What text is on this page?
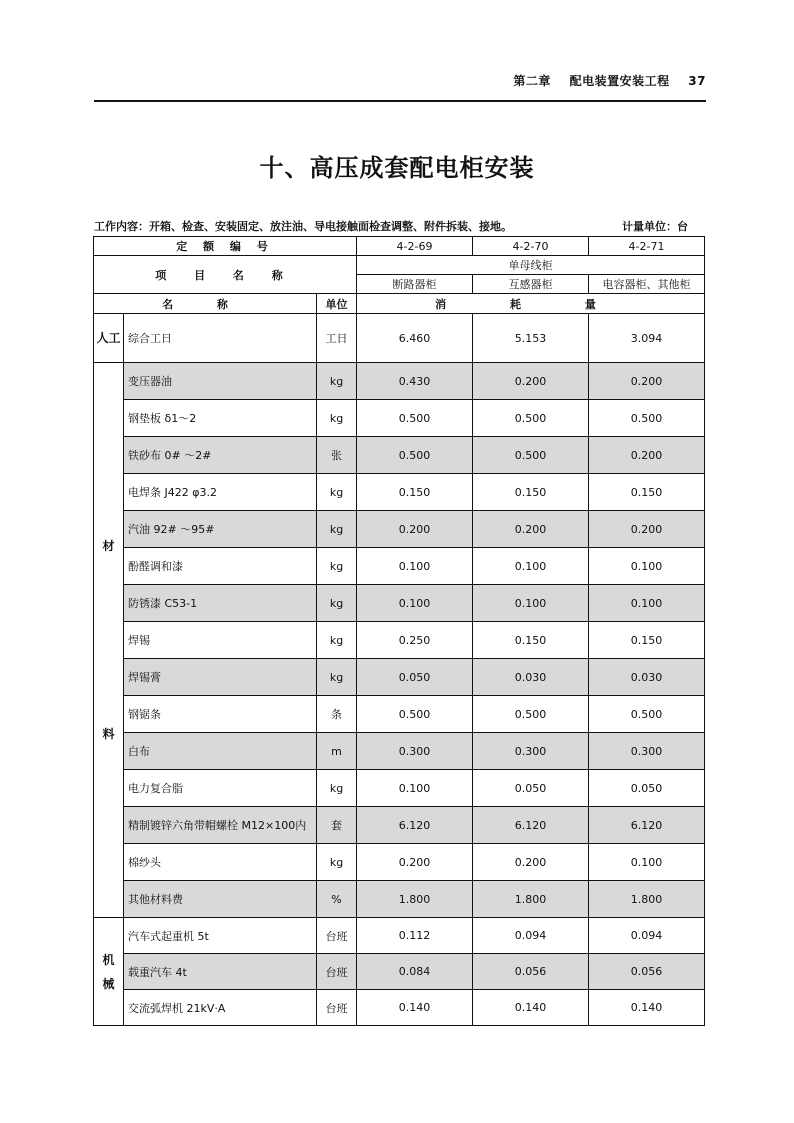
第二章 配电装置安装工程 37
十、高压成套配电柜安装
工作内容：开箱、检查、安装固定、放注油、导电接触面检查调整、附件拆装、接地。	计量单位：台
定 额 编 号			4-2-69	4-2-70	4-2-71
项 目 名 称			单母线柜		
			断路器柜	互感器柜	电容器柜、其他柜
名 称		单位	消 耗 量		
人工	综合工日	工日	6.460	5.153	3.094

材
料	变压器油	kg	0.430	0.200	0.200
	钢垫板 δ1～2	kg	0.500	0.500	0.500
	铁砂布 0# ～2#	张	0.500	0.500	0.200
	电焊条 J422 φ3.2	kg	0.150	0.150	0.150
	汽油 92# ～95#	kg	0.200	0.200	0.200
	酚醛调和漆	kg	0.100	0.100	0.100
	防锈漆 C53-1	kg	0.100	0.100	0.100
	焊锡	kg	0.250	0.150	0.150
	焊锡膏	kg	0.050	0.030	0.030
	钢锯条	条	0.500	0.500	0.500
	白布	m	0.300	0.300	0.300
	电力复合脂	kg	0.100	0.050	0.050
	精制镀锌六角带帽螺栓 M12×100内	套	6.120	6.120	6.120
	棉纱头	kg	0.200	0.200	0.100
	其他材料费	%	1.800	1.800	1.800

机
械	汽车式起重机 5t	台班	0.112	0.094	0.094
	载重汽车 4t	台班	0.084	0.056	0.056
	交流弧焊机 21kV·A	台班	0.140	0.140	0.140
